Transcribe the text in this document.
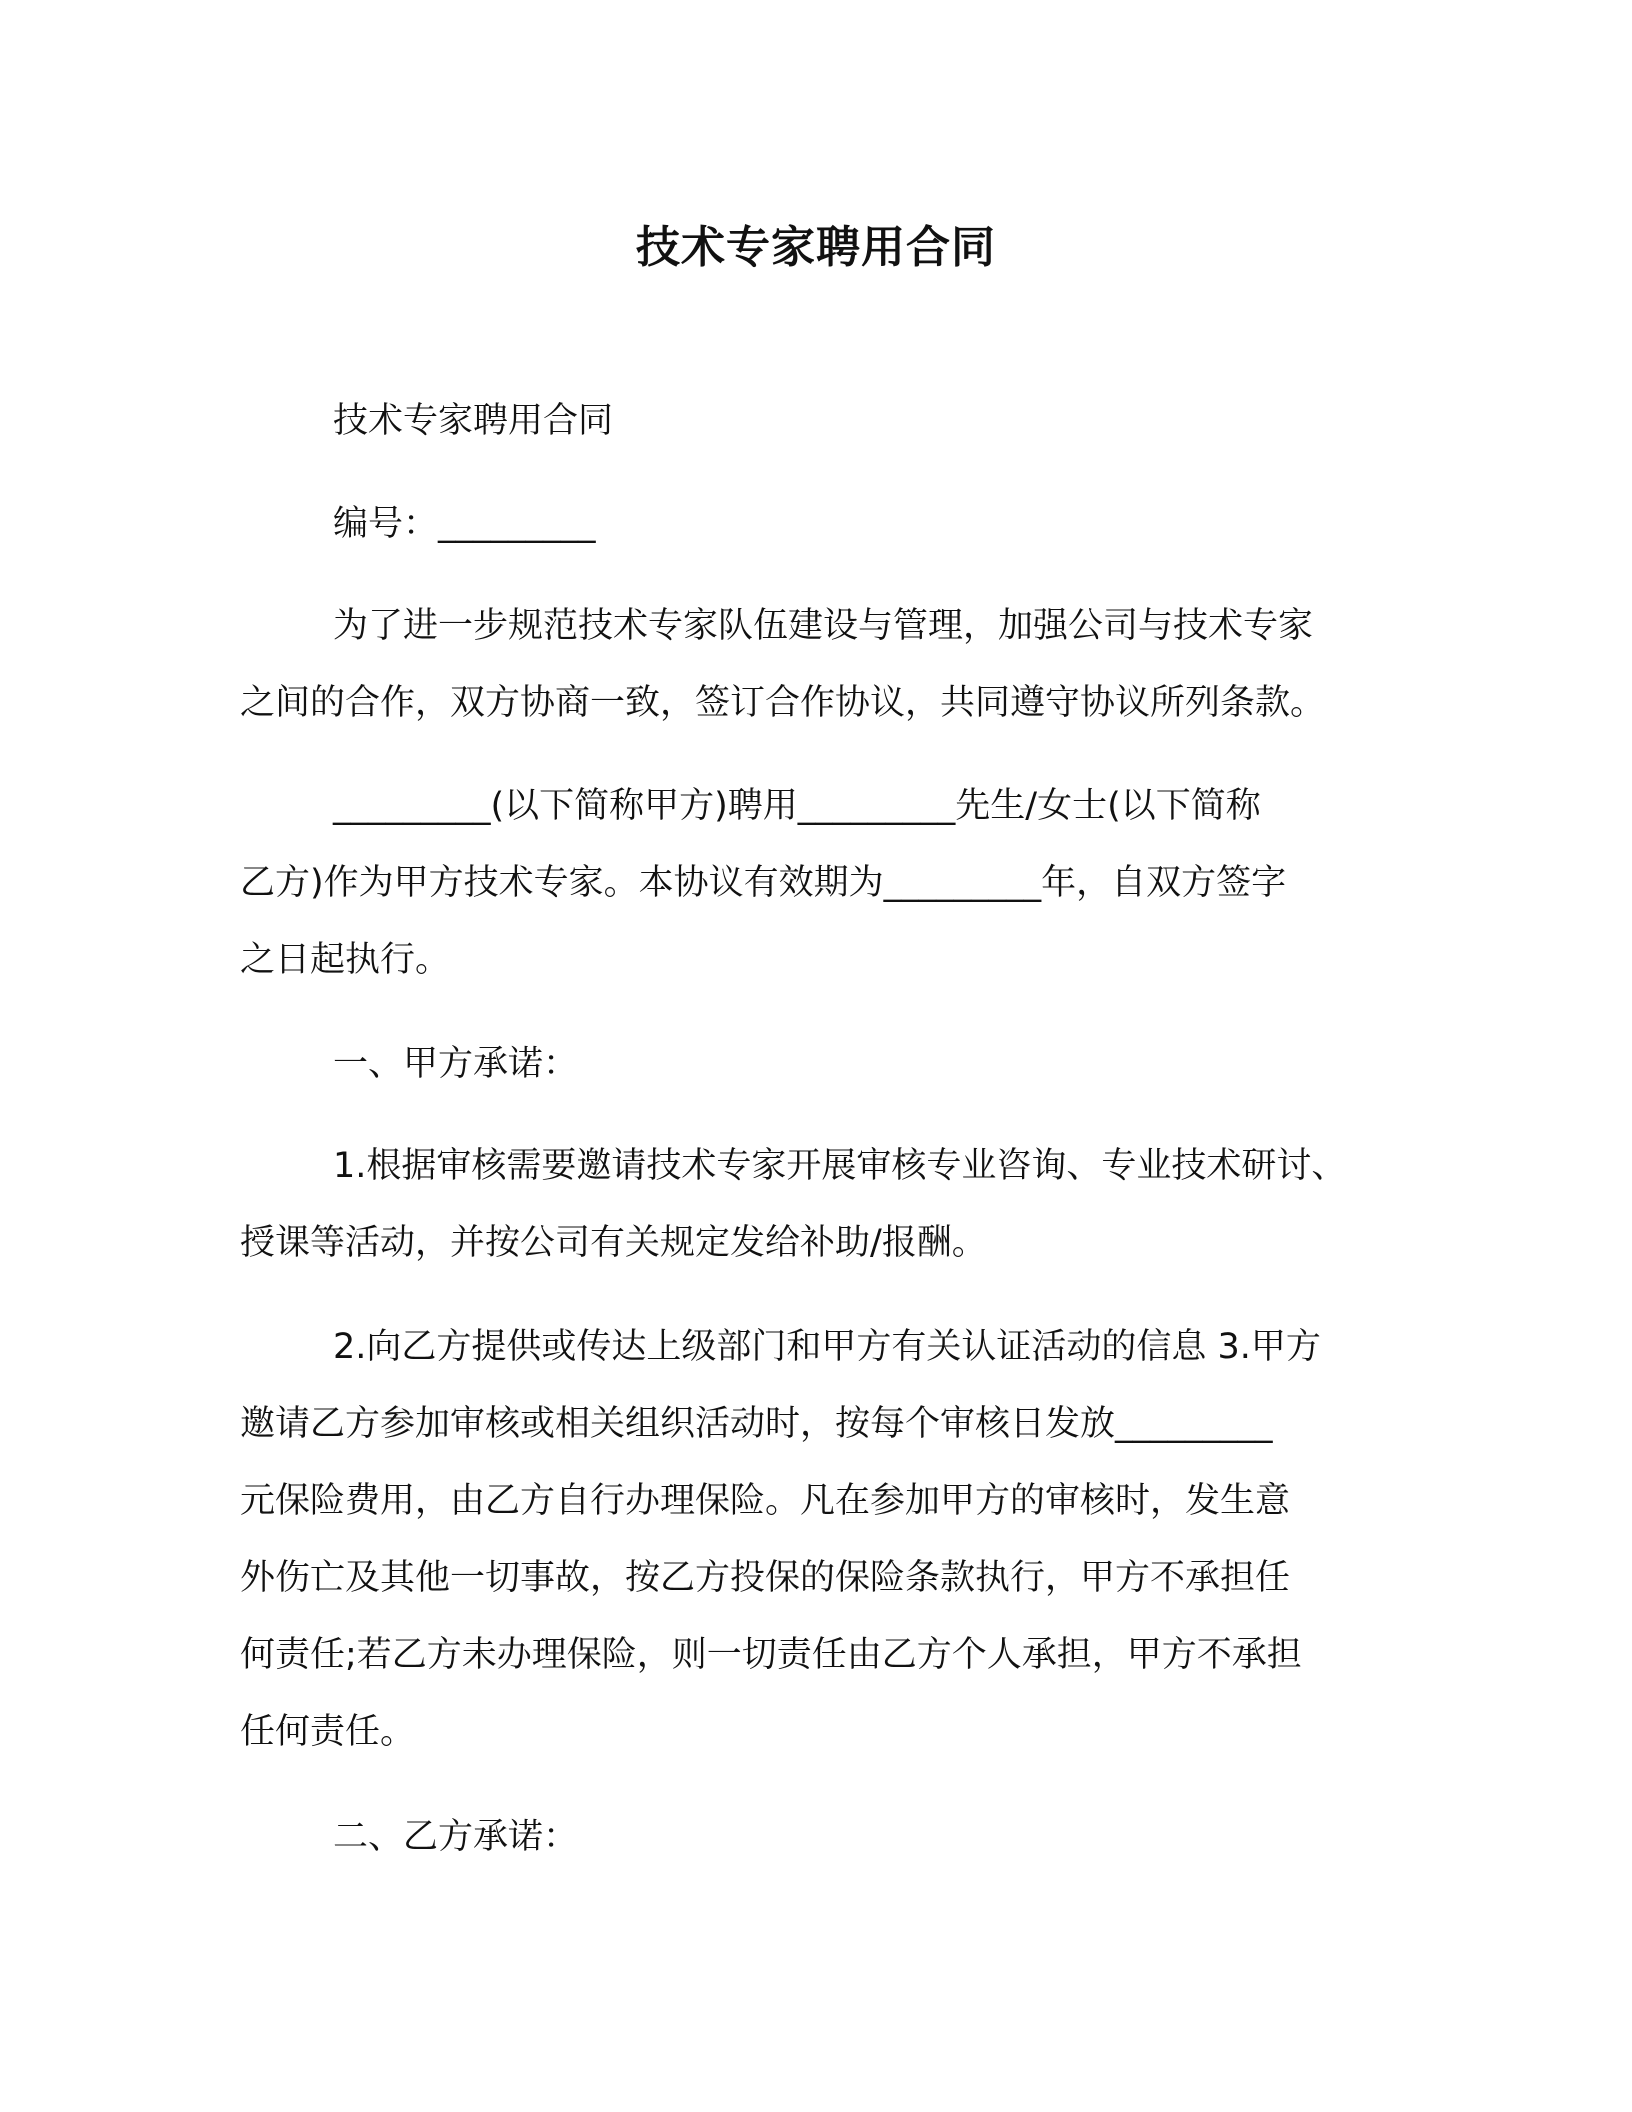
技术专家聘用合同

技术专家聘用合同

编号：_________

为了进一步规范技术专家队伍建设与管理，加强公司与技术专家
之间的合作，双方协商一致，签订合作协议，共同遵守协议所列条款。
_________(以下简称甲方)聘用_________先生/女士(以下简称
乙方)作为甲方技术专家。本协议有效期为_________年，自双方签字
之日起执行。

一、甲方承诺：

1.根据审核需要邀请技术专家开展审核专业咨询、专业技术研讨、
授课等活动，并按公司有关规定发给补助/报酬。
2.向乙方提供或传达上级部门和甲方有关认证活动的信息 3.甲方
邀请乙方参加审核或相关组织活动时，按每个审核日发放_________
元保险费用，由乙方自行办理保险。凡在参加甲方的审核时，发生意
外伤亡及其他一切事故，按乙方投保的保险条款执行，甲方不承担任
何责任;若乙方未办理保险，则一切责任由乙方个人承担，甲方不承担
任何责任。

二、乙方承诺：
